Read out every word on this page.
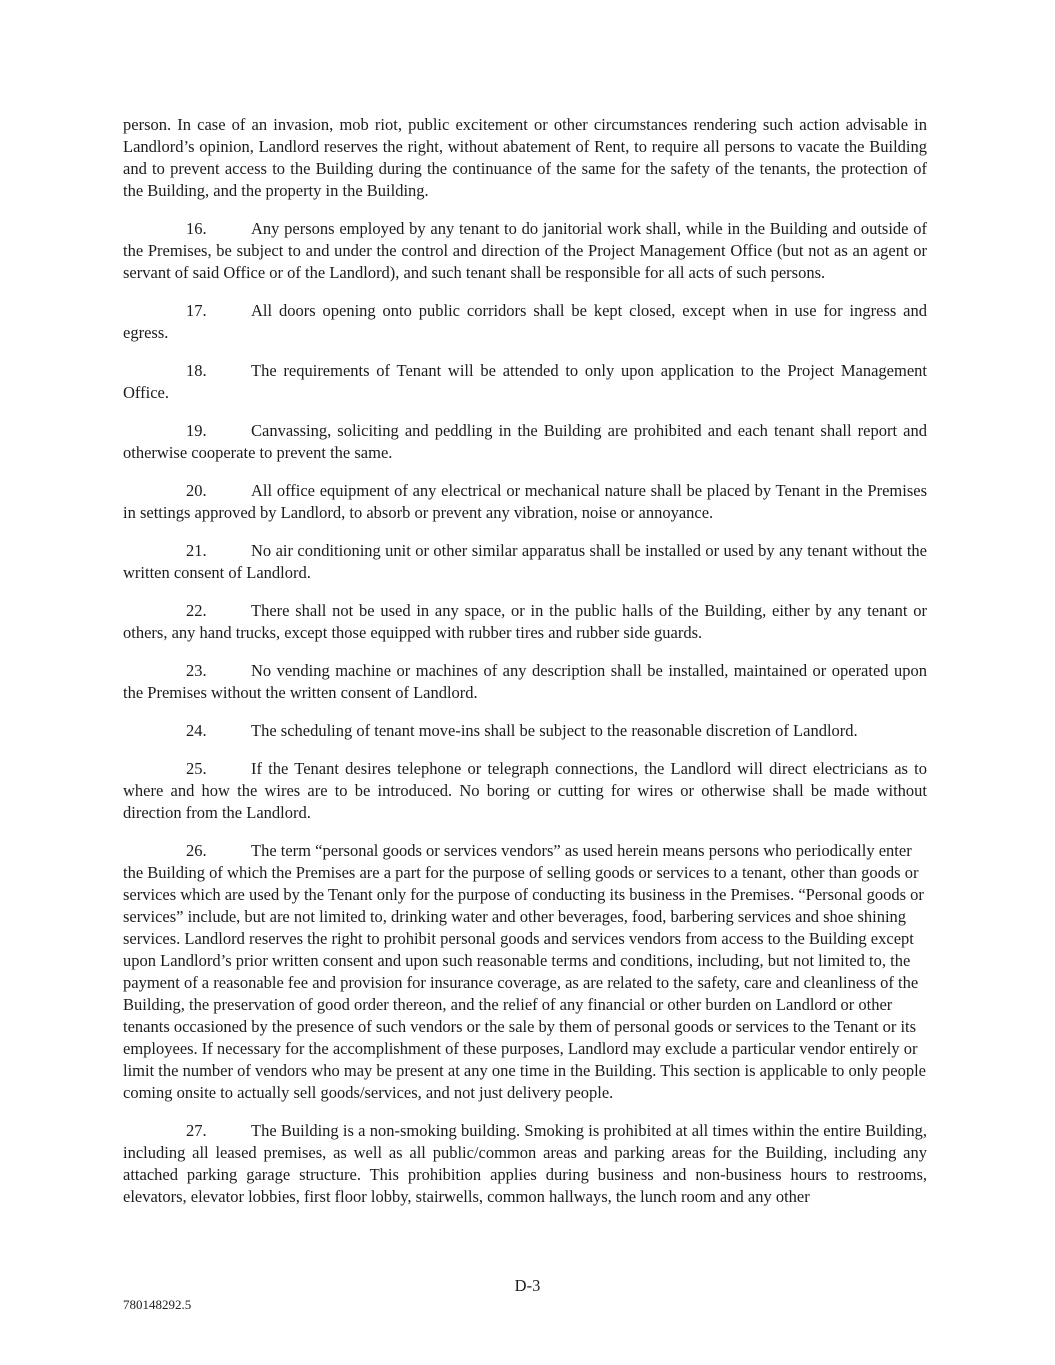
person. In case of an invasion, mob riot, public excitement or other circumstances rendering such action advisable in Landlord’s opinion, Landlord reserves the right, without abatement of Rent, to require all persons to vacate the Building and to prevent access to the Building during the continuance of the same for the safety of the tenants, the protection of the Building, and the property in the Building.

16.	Any persons employed by any tenant to do janitorial work shall, while in the Building and outside of the Premises, be subject to and under the control and direction of the Project Management Office (but not as an agent or servant of said Office or of the Landlord), and such tenant shall be responsible for all acts of such persons.

17.	All doors opening onto public corridors shall be kept closed, except when in use for ingress and egress.

18.	The requirements of Tenant will be attended to only upon application to the Project Management Office.

19.	Canvassing, soliciting and peddling in the Building are prohibited and each tenant shall report and otherwise cooperate to prevent the same.

20.	All office equipment of any electrical or mechanical nature shall be placed by Tenant in the Premises in settings approved by Landlord, to absorb or prevent any vibration, noise or annoyance.

21.	No air conditioning unit or other similar apparatus shall be installed or used by any tenant without the written consent of Landlord.

22.	There shall not be used in any space, or in the public halls of the Building, either by any tenant or others, any hand trucks, except those equipped with rubber tires and rubber side guards.

23.	No vending machine or machines of any description shall be installed, maintained or operated upon the Premises without the written consent of Landlord.

24.	The scheduling of tenant move-ins shall be subject to the reasonable discretion of Landlord.

25.	If the Tenant desires telephone or telegraph connections, the Landlord will direct electricians as to where and how the wires are to be introduced. No boring or cutting for wires or otherwise shall be made without direction from the Landlord.

26.	The term “personal goods or services vendors” as used herein means persons who periodically enter the Building of which the Premises are a part for the purpose of selling goods or services to a tenant, other than goods or services which are used by the Tenant only for the purpose of conducting its business in the Premises. “Personal goods or services” include, but are not limited to, drinking water and other beverages, food, barbering services and shoe shining services. Landlord reserves the right to prohibit personal goods and services vendors from access to the Building except upon Landlord’s prior written consent and upon such reasonable terms and conditions, including, but not limited to, the payment of a reasonable fee and provision for insurance coverage, as are related to the safety, care and cleanliness of the Building, the preservation of good order thereon, and the relief of any financial or other burden on Landlord or other tenants occasioned by the presence of such vendors or the sale by them of personal goods or services to the Tenant or its employees. If necessary for the accomplishment of these purposes, Landlord may exclude a particular vendor entirely or limit the number of vendors who may be present at any one time in the Building. This section is applicable to only people coming onsite to actually sell goods/services, and not just delivery people.

27.	The Building is a non-smoking building. Smoking is prohibited at all times within the entire Building, including all leased premises, as well as all public/common areas and parking areas for the Building, including any attached parking garage structure. This prohibition applies during business and non-business hours to restrooms, elevators, elevator lobbies, first floor lobby, stairwells, common hallways, the lunch room and any other

D-3
780148292.5
